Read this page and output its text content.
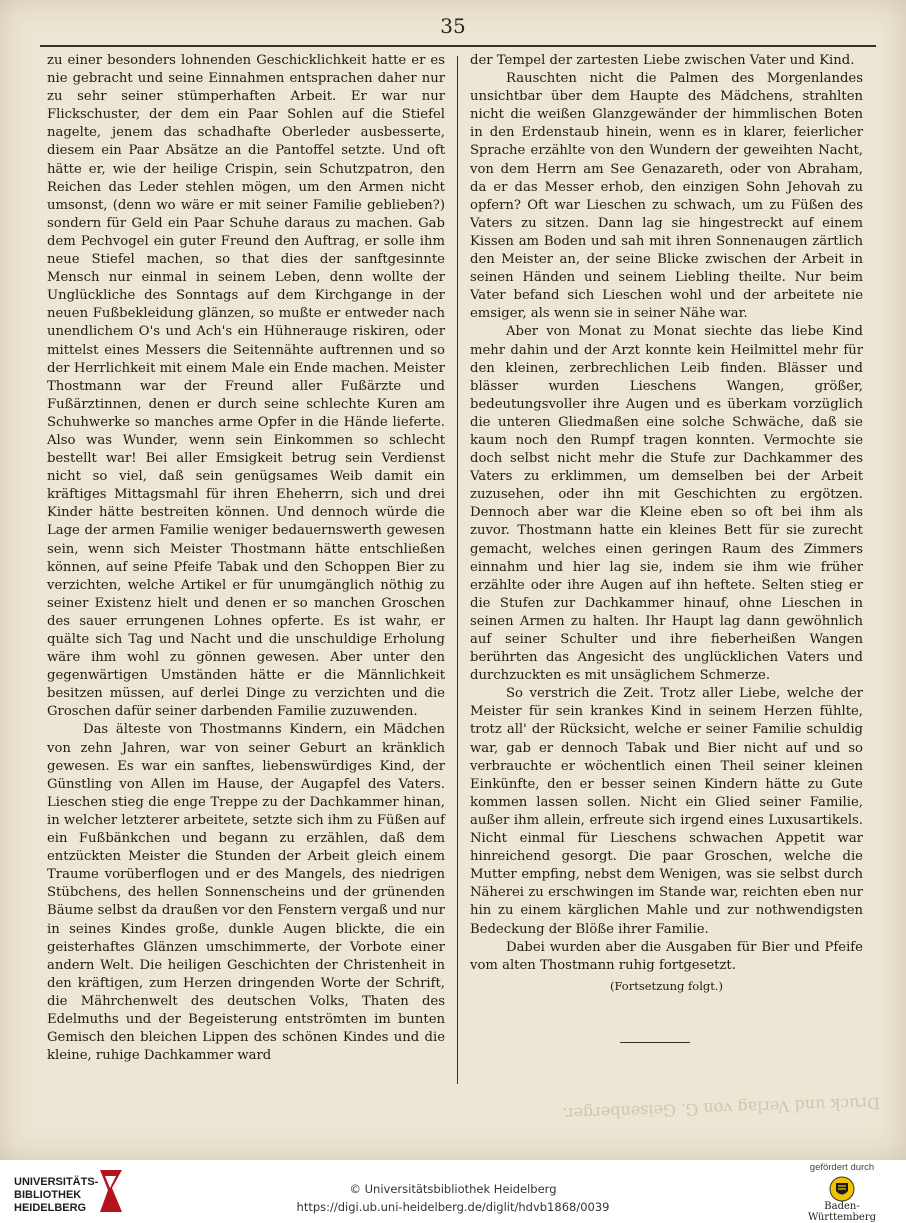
35

zu einer besonders lohnenden Geschicklichkeit hatte er es nie gebracht und seine Einnahmen entsprachen daher nur zu sehr seiner stümperhaften Arbeit. Er war nur Flickschuster, der dem ein Paar Sohlen auf die Stiefel nagelte, jenem das schadhafte Oberleder ausbesserte, diesem ein Paar Absätze an die Pantoffel setzte. Und oft hätte er, wie der heilige Crispin, sein Schutzpatron, den Reichen das Leder stehlen mögen, um den Armen nicht umsonst, (denn wo wäre er mit seiner Familie geblieben?) sondern für Geld ein Paar Schuhe daraus zu machen. Gab dem Pechvogel ein guter Freund den Auftrag, er solle ihm neue Stiefel machen, so that dies der sanftgesinnte Mensch nur einmal in seinem Leben, denn wollte der Unglückliche des Sonntags auf dem Kirchgange in der neuen Fußbekleidung glänzen, so mußte er entweder nach unendlichem O's und Ach's ein Hühnerauge riskiren, oder mittelst eines Messers die Seitennähte auftrennen und so der Herrlichkeit mit einem Male ein Ende machen. Meister Thostmann war der Freund aller Fußärzte und Fußärztinnen, denen er durch seine schlechte Kuren am Schuhwerke so manches arme Opfer in die Hände lieferte. Also was Wunder, wenn sein Einkommen so schlecht bestellt war! Bei aller Emsigkeit betrug sein Verdienst nicht so viel, daß sein genügsames Weib damit ein kräftiges Mittagsmahl für ihren Eheherrn, sich und drei Kinder hätte bestreiten können. Und dennoch würde die Lage der armen Familie weniger bedauernswerth gewesen sein, wenn sich Meister Thostmann hätte entschließen können, auf seine Pfeife Tabak und den Schoppen Bier zu verzichten, welche Artikel er für unumgänglich nöthig zu seiner Existenz hielt und denen er so manchen Groschen des sauer errungenen Lohnes opferte. Es ist wahr, er quälte sich Tag und Nacht und die unschuldige Erholung wäre ihm wohl zu gönnen gewesen. Aber unter den gegenwärtigen Umständen hätte er die Männlichkeit besitzen müssen, auf derlei Dinge zu verzichten und die Groschen dafür seiner darbenden Familie zuzuwenden.

Das älteste von Thostmanns Kindern, ein Mädchen von zehn Jahren, war von seiner Geburt an kränklich gewesen. Es war ein sanftes, liebenswürdiges Kind, der Günstling von Allen im Hause, der Augapfel des Vaters. Lieschen stieg die enge Treppe zu der Dachkammer hinan, in welcher letzterer arbeitete, setzte sich ihm zu Füßen auf ein Fußbänkchen und begann zu erzählen, daß dem entzückten Meister die Stunden der Arbeit gleich einem Traume vorüberflogen und er des Mangels, des niedrigen Stübchens, des hellen Sonnenscheins und der grünenden Bäume selbst da draußen vor den Fenstern vergaß und nur in seines Kindes große, dunkle Augen blickte, die ein geisterhaftes Glänzen umschimmerte, der Vorbote einer andern Welt. Die heiligen Geschichten der Christenheit in den kräftigen, zum Herzen dringenden Worte der Schrift, die Mährchenwelt des deutschen Volks, Thaten des Edelmuths und der Begeisterung entströmten im bunten Gemisch den bleichen Lippen des schönen Kindes und die kleine, ruhige Dachkammer ward

der Tempel der zartesten Liebe zwischen Vater und Kind.

Rauschten nicht die Palmen des Morgenlandes unsichtbar über dem Haupte des Mädchens, strahlten nicht die weißen Glanzgewänder der himmlischen Boten in den Erdenstaub hinein, wenn es in klarer, feierlicher Sprache erzählte von den Wundern der geweihten Nacht, von dem Herrn am See Genazareth, oder von Abraham, da er das Messer erhob, den einzigen Sohn Jehovah zu opfern? Oft war Lieschen zu schwach, um zu Füßen des Vaters zu sitzen. Dann lag sie hingestreckt auf einem Kissen am Boden und sah mit ihren Sonnenaugen zärtlich den Meister an, der seine Blicke zwischen der Arbeit in seinen Händen und seinem Liebling theilte. Nur beim Vater befand sich Lieschen wohl und der arbeitete nie emsiger, als wenn sie in seiner Nähe war.

Aber von Monat zu Monat siechte das liebe Kind mehr dahin und der Arzt konnte kein Heilmittel mehr für den kleinen, zerbrechlichen Leib finden. Blässer und blässer wurden Lieschens Wangen, größer, bedeutungsvoller ihre Augen und es überkam vorzüglich die unteren Gliedmaßen eine solche Schwäche, daß sie kaum noch den Rumpf tragen konnten. Vermochte sie doch selbst nicht mehr die Stufe zur Dachkammer des Vaters zu erklimmen, um demselben bei der Arbeit zuzusehen, oder ihn mit Geschichten zu ergötzen. Dennoch aber war die Kleine eben so oft bei ihm als zuvor. Thostmann hatte ein kleines Bett für sie zurecht gemacht, welches einen geringen Raum des Zimmers einnahm und hier lag sie, indem sie ihm wie früher erzählte oder ihre Augen auf ihn heftete. Selten stieg er die Stufen zur Dachkammer hinauf, ohne Lieschen in seinen Armen zu halten. Ihr Haupt lag dann gewöhnlich auf seiner Schulter und ihre fieberheißen Wangen berührten das Angesicht des unglücklichen Vaters und durchzuckten es mit unsäglichem Schmerze.

So verstrich die Zeit. Trotz aller Liebe, welche der Meister für sein krankes Kind in seinem Herzen fühlte, trotz all' der Rücksicht, welche er seiner Familie schuldig war, gab er dennoch Tabak und Bier nicht auf und so verbrauchte er wöchentlich einen Theil seiner kleinen Einkünfte, den er besser seinen Kindern hätte zu Gute kommen lassen sollen. Nicht ein Glied seiner Familie, außer ihm allein, erfreute sich irgend eines Luxusartikels. Nicht einmal für Lieschens schwachen Appetit war hinreichend gesorgt. Die paar Groschen, welche die Mutter empfing, nebst dem Wenigen, was sie selbst durch Näherei zu erschwingen im Stande war, reichten eben nur hin zu einem kärglichen Mahle und zur nothwendigsten Bedeckung der Blöße ihrer Familie.

Dabei wurden aber die Ausgaben für Bier und Pfeife vom alten Thostmann ruhig fortgesetzt.

(Fortsetzung folgt.)
Druck und Verlag von G. Geisenberger.
UNIVERSITÄTS-
BIBLIOTHEK
HEIDELBERG
© Universitätsbibliothek Heidelberg
https://digi.ub.uni-heidelberg.de/diglit/hdvb1868/0039
gefördert durch
Baden-Württemberg
